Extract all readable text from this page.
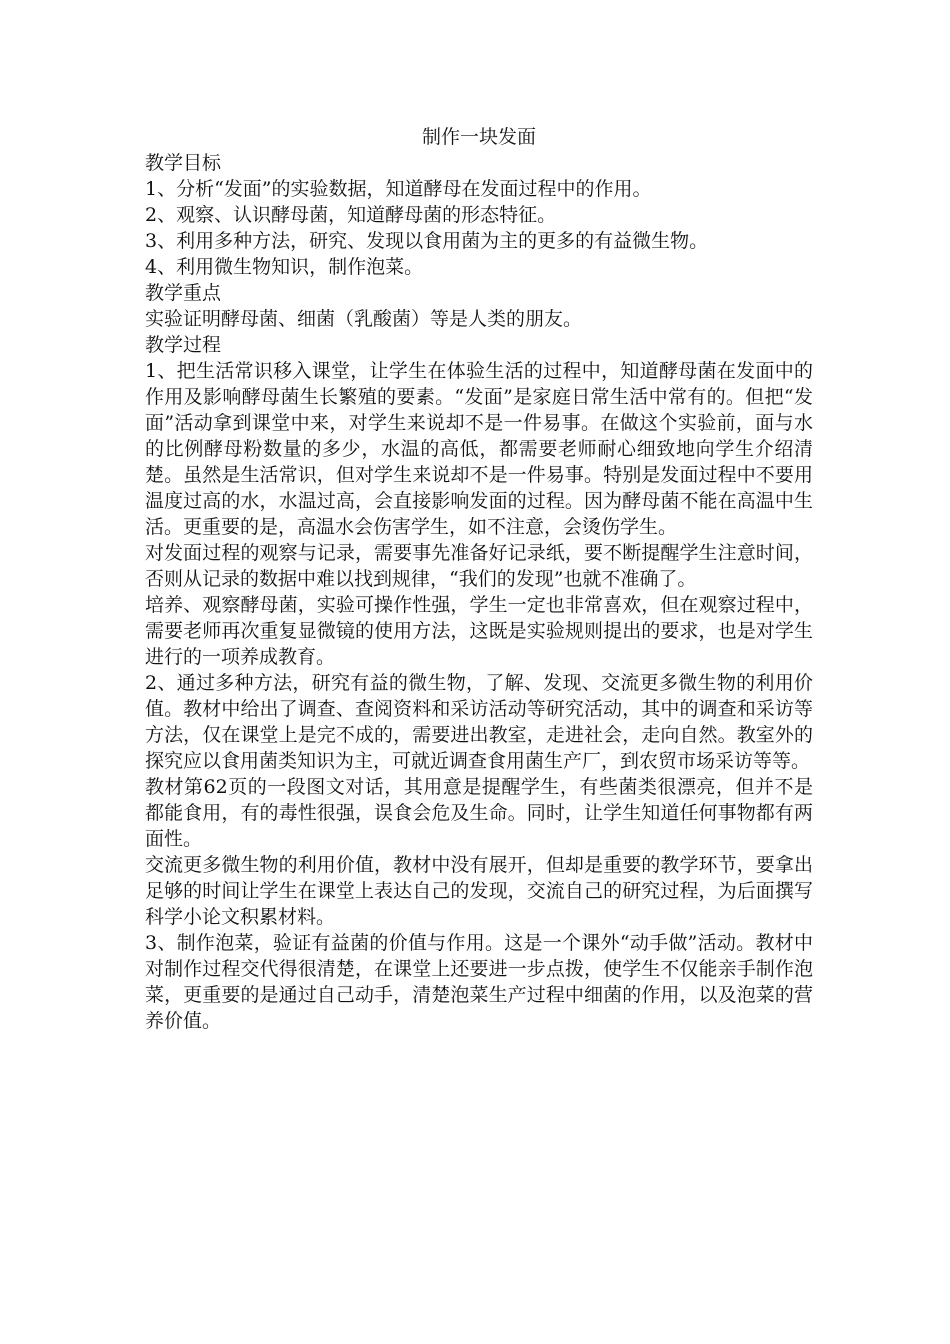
制作一块发面

教学目标

1、分析“发面”的实验数据，知道酵母在发面过程中的作用。

2、观察、认识酵母菌，知道酵母菌的形态特征。

3、利用多种方法，研究、发现以食用菌为主的更多的有益微生物。

4、利用微生物知识，制作泡菜。

教学重点

实验证明酵母菌、细菌（乳酸菌）等是人类的朋友。

教学过程

1、把生活常识移入课堂，让学生在体验生活的过程中，知道酵母菌在发面中的作用及影响酵母菌生长繁殖的要素。“发面”是家庭日常生活中常有的。但把“发面”活动拿到课堂中来，对学生来说却不是一件易事。在做这个实验前，面与水的比例酵母粉数量的多少，水温的高低，都需要老师耐心细致地向学生介绍清楚。虽然是生活常识，但对学生来说却不是一件易事。特别是发面过程中不要用温度过高的水，水温过高，会直接影响发面的过程。因为酵母菌不能在高温中生活。更重要的是，高温水会伤害学生，如不注意，会烫伤学生。

对发面过程的观察与记录，需要事先准备好记录纸，要不断提醒学生注意时间，否则从记录的数据中难以找到规律，“我们的发现”也就不准确了。

培养、观察酵母菌，实验可操作性强，学生一定也非常喜欢，但在观察过程中，需要老师再次重复显微镜的使用方法，这既是实验规则提出的要求，也是对学生进行的一项养成教育。

2、通过多种方法，研究有益的微生物，了解、发现、交流更多微生物的利用价值。教材中给出了调查、查阅资料和采访活动等研究活动，其中的调查和采访等方法，仅在课堂上是完不成的，需要进出教室，走进社会，走向自然。教室外的探究应以食用菌类知识为主，可就近调查食用菌生产厂，到农贸市场采访等等。

教材第62页的一段图文对话，其用意是提醒学生，有些菌类很漂亮，但并不是都能食用，有的毒性很强，误食会危及生命。同时，让学生知道任何事物都有两面性。

交流更多微生物的利用价值，教材中没有展开，但却是重要的教学环节，要拿出足够的时间让学生在课堂上表达自己的发现，交流自己的研究过程，为后面撰写科学小论文积累材料。

3、制作泡菜，验证有益菌的价值与作用。这是一个课外“动手做”活动。教材中对制作过程交代得很清楚，在课堂上还要进一步点拨，使学生不仅能亲手制作泡菜，更重要的是通过自己动手，清楚泡菜生产过程中细菌的作用，以及泡菜的营养价值。
